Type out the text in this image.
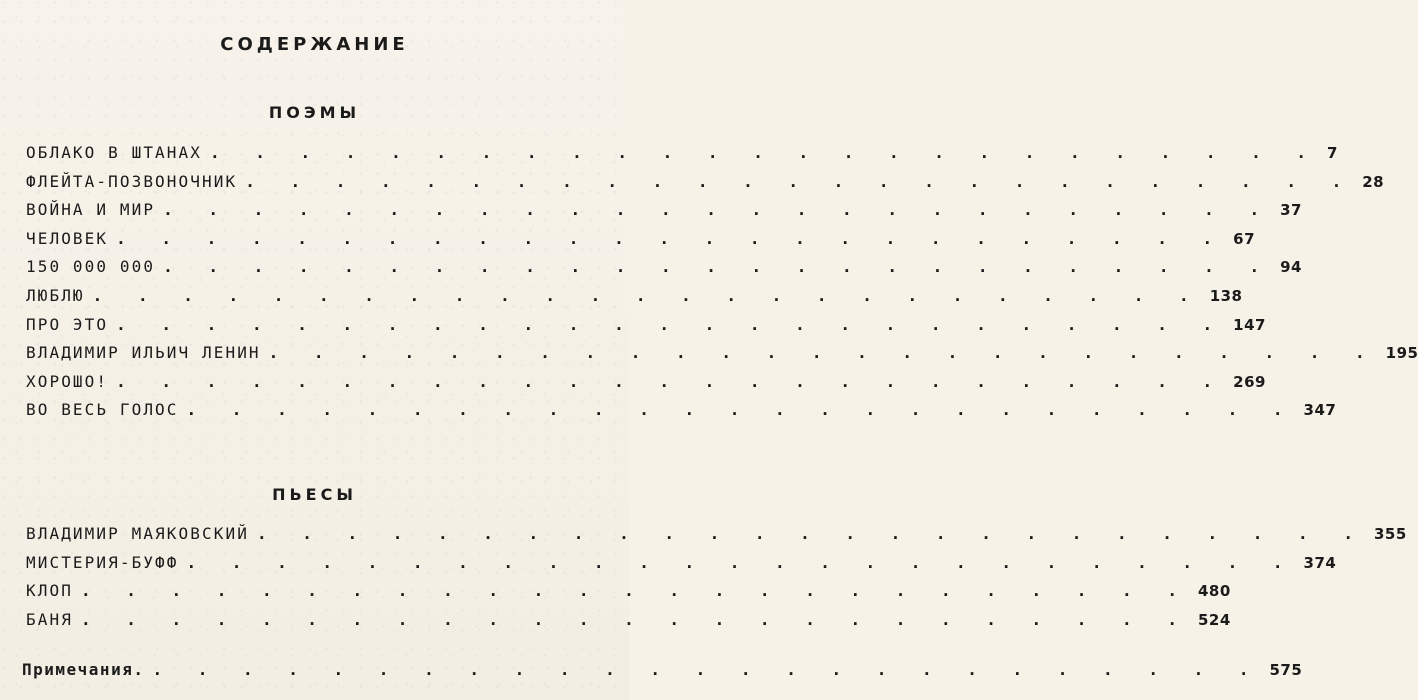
СОДЕРЖАНИЕ
ПОЭМЫ
ОБЛАКО В ШТАНАХ . . . . . . . . . . . . . . . . . . . . . . . . . 7
ФЛЕЙТА-ПОЗВОНОЧНИК . . . . . . . . . . . . . . . . . . . . . . . . . 28
ВОЙНА И МИР . . . . . . . . . . . . . . . . . . . . . . . . . 37
ЧЕЛОВЕК . . . . . . . . . . . . . . . . . . . . . . . . . 67
150 000 000 . . . . . . . . . . . . . . . . . . . . . . . . . 94
ЛЮБЛЮ . . . . . . . . . . . . . . . . . . . . . . . . . 138
ПРО ЭТО . . . . . . . . . . . . . . . . . . . . . . . . . 147
ВЛАДИМИР ИЛЬИЧ ЛЕНИН . . . . . . . . . . . . . . . . . . . . . . . . . 195
ХОРОШО! . . . . . . . . . . . . . . . . . . . . . . . . . 269
ВО ВЕСЬ ГОЛОС . . . . . . . . . . . . . . . . . . . . . . . . . 347
ПЬЕСЫ
ВЛАДИМИР МАЯКОВСКИЙ . . . . . . . . . . . . . . . . . . . . . . . . . 355
МИСТЕРИЯ-БУФФ . . . . . . . . . . . . . . . . . . . . . . . . . 374
КЛОП . . . . . . . . . . . . . . . . . . . . . . . . . 480
БАНЯ . . . . . . . . . . . . . . . . . . . . . . . . . 524
Примечания. . . . . . . . . . . . . . . . . . . . . . . . . . 575
